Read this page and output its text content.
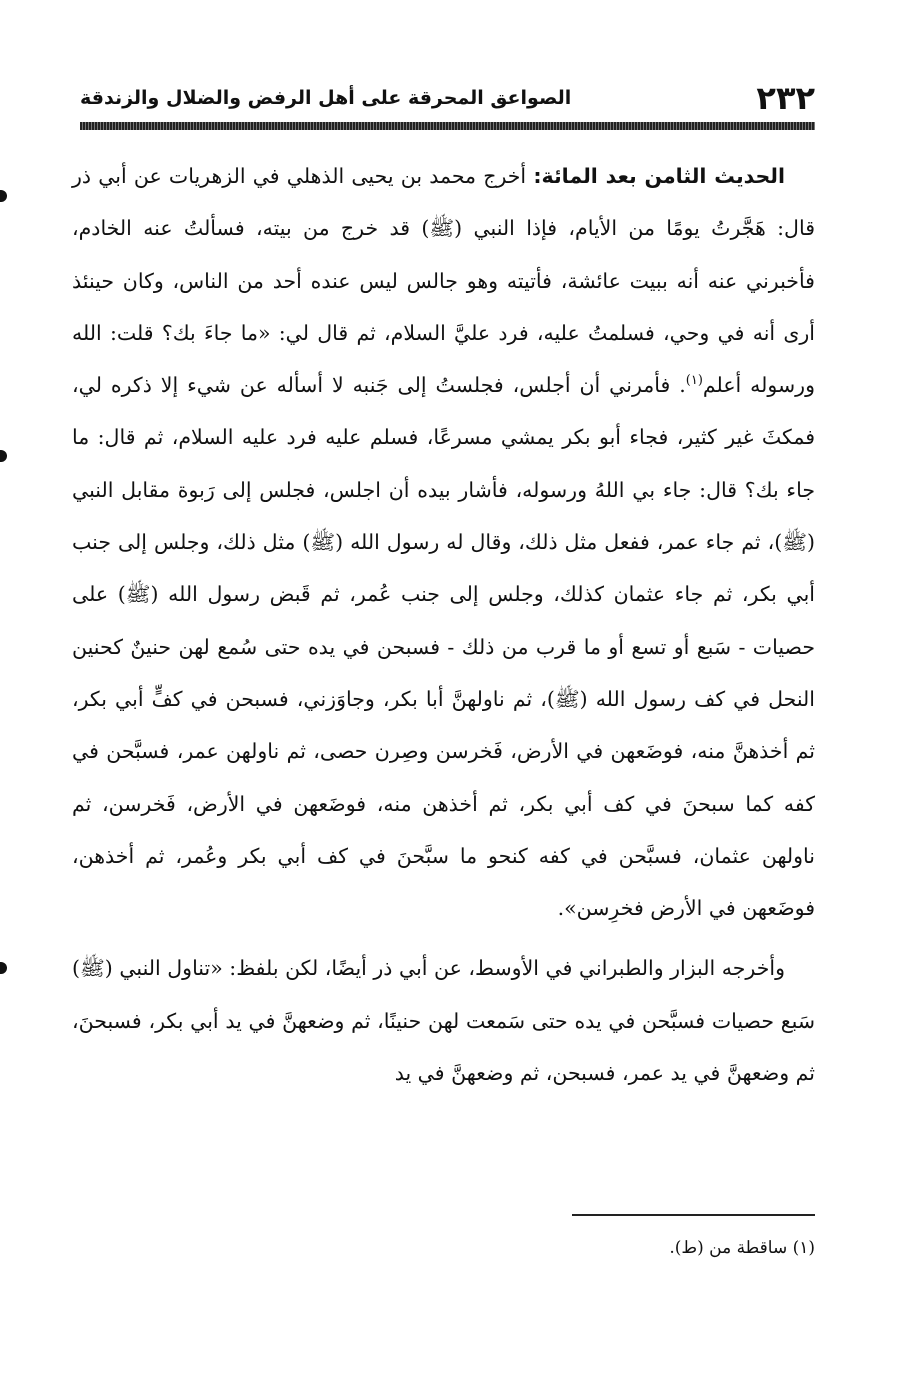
٢٣٢
الصواعق المحرقة على أهل الرفض والضلال والزندقة

الحديث الثامن بعد المائة: أخرج محمد بن يحيى الذهلي في الزهريات عن أبي ذر قال: هَجَّرتُ يومًا من الأيام، فإذا النبي (ﷺ) قد خرج من بيته، فسألتُ عنه الخادم، فأخبرني عنه أنه ببيت عائشة، فأتيته وهو جالس ليس عنده أحد من الناس، وكان حينئذ أرى أنه في وحي، فسلمتُ عليه، فرد عليَّ السلام، ثم قال لي: «ما جاءَ بك؟ قلت: الله ورسوله أعلم$^{(١)}$. فأمرني أن أجلس، فجلستُ إلى جَنبه لا أسأله عن شيء إلا ذكره لي، فمكثَ غير كثير، فجاء أبو بكر يمشي مسرعًا، فسلم عليه فرد عليه السلام، ثم قال: ما جاء بك؟ قال: جاء بي اللهُ ورسوله، فأشار بيده أن اجلس، فجلس إلى رَبوة مقابل النبي (ﷺ)، ثم جاء عمر، ففعل مثل ذلك، وقال له رسول الله (ﷺ) مثل ذلك، وجلس إلى جنب أبي بكر، ثم جاء عثمان كذلك، وجلس إلى جنب عُمر، ثم قَبض رسول الله (ﷺ) على حصيات - سَبع أو تسع أو ما قرب من ذلك - فسبحن في يده حتى سُمع لهن حنينٌ كحنين النحل في كف رسول الله (ﷺ)، ثم ناولهنَّ أبا بكر، وجاوَزني، فسبحن في كفٍّ أبي بكر، ثم أخذهنَّ منه، فوضَعهن في الأرض، فَخرسن وصِرن حصى، ثم ناولهن عمر، فسبَّحن في كفه كما سبحنَ في كف أبي بكر، ثم أخذهن منه، فوضَعهن في الأرض، فَخرسن، ثم ناولهن عثمان، فسبَّحن في كفه كنحو ما سبَّحنَ في كف أبي بكر وعُمر، ثم أخذهن، فوضَعهن في الأرض فخرِسن».

وأخرجه البزار والطبراني في الأوسط، عن أبي ذر أيضًا، لكن بلفظ: «تناول النبي (ﷺ) سَبع حصيات فسبَّحن في يده حتى سَمعت لهن حنينًا، ثم وضعهنَّ في يد أبي بكر، فسبحنَ، ثم وضعهنَّ في يد عمر، فسبحن، ثم وضعهنَّ في يد

(١) ساقطة من (ط).
